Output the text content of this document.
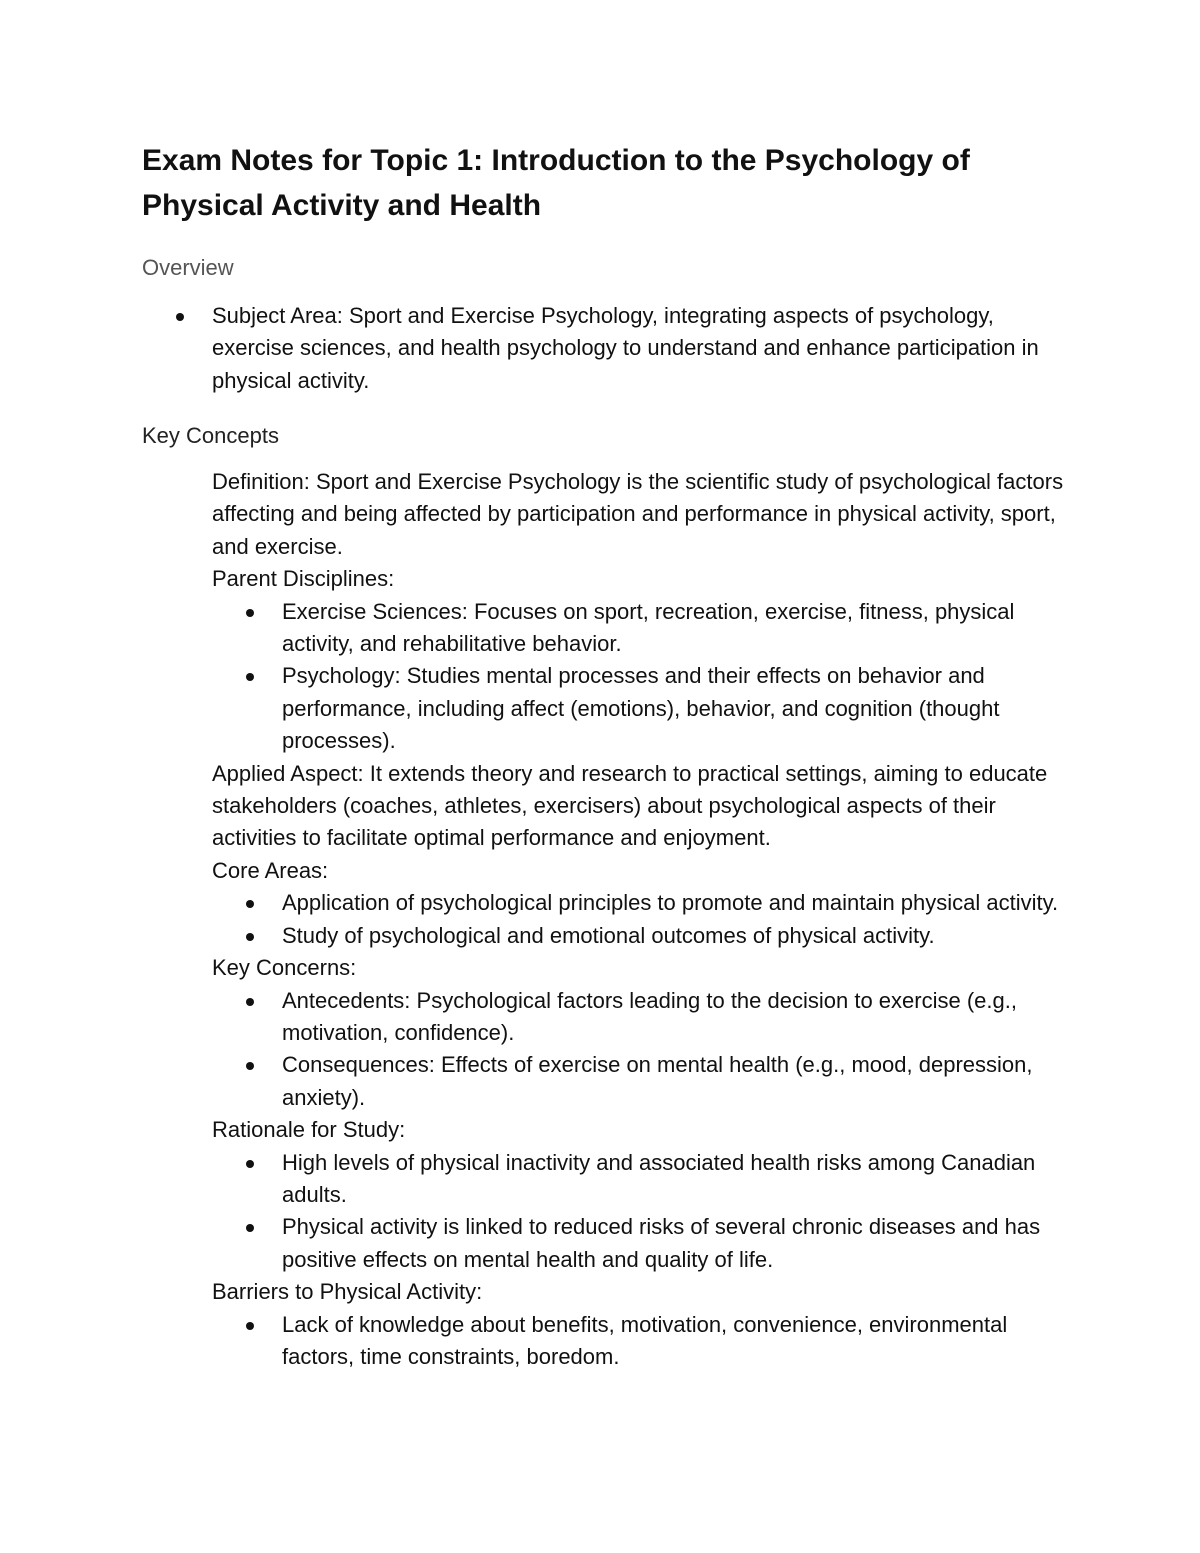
Exam Notes for Topic 1: Introduction to the Psychology of Physical Activity and Health
Overview
Subject Area: Sport and Exercise Psychology, integrating aspects of psychology, exercise sciences, and health psychology to understand and enhance participation in physical activity.
Key Concepts

Definition: Sport and Exercise Psychology is the scientific study of psychological factors affecting and being affected by participation and performance in physical activity, sport, and exercise.

Parent Disciplines:

Exercise Sciences: Focuses on sport, recreation, exercise, fitness, physical activity, and rehabilitative behavior.
Psychology: Studies mental processes and their effects on behavior and performance, including affect (emotions), behavior, and cognition (thought processes).

Applied Aspect: It extends theory and research to practical settings, aiming to educate stakeholders (coaches, athletes, exercisers) about psychological aspects of their activities to facilitate optimal performance and enjoyment.

Core Areas:

Application of psychological principles to promote and maintain physical activity.
Study of psychological and emotional outcomes of physical activity.

Key Concerns:

Antecedents: Psychological factors leading to the decision to exercise (e.g., motivation, confidence).
Consequences: Effects of exercise on mental health (e.g., mood, depression, anxiety).

Rationale for Study:

High levels of physical inactivity and associated health risks among Canadian adults.
Physical activity is linked to reduced risks of several chronic diseases and has positive effects on mental health and quality of life.

Barriers to Physical Activity:

Lack of knowledge about benefits, motivation, convenience, environmental factors, time constraints, boredom.
